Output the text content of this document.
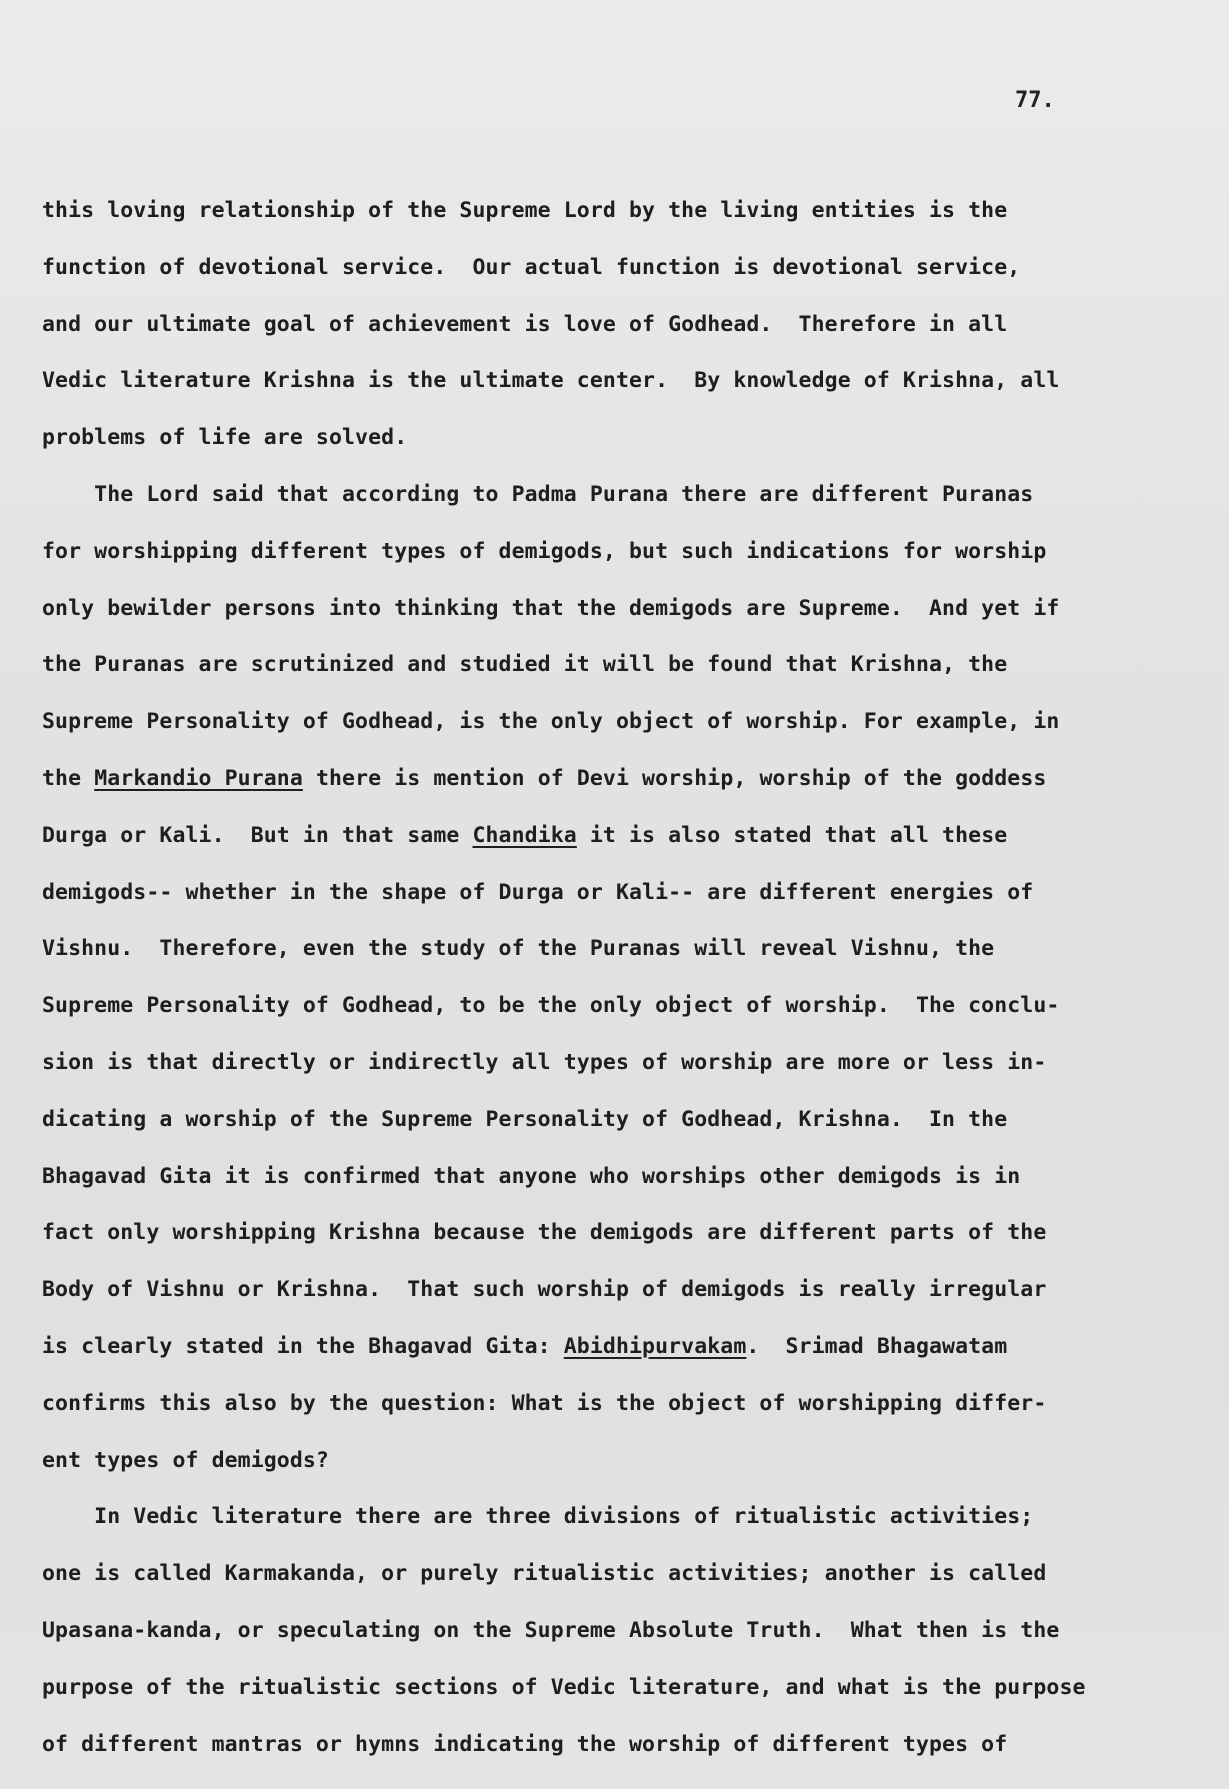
77.
this loving relationship of the Supreme Lord by the living entities is the
function of devotional service.  Our actual function is devotional service,
and our ultimate goal of achievement is love of Godhead.  Therefore in all
Vedic literature Krishna is the ultimate center.  By knowledge of Krishna, all
problems of life are solved.
The Lord said that according to Padma Purana there are different Puranas
for worshipping different types of demigods, but such indications for worship
only bewilder persons into thinking that the demigods are Supreme.  And yet if
the Puranas are scrutinized and studied it will be found that Krishna, the
Supreme Personality of Godhead, is the only object of worship. For example, in
the Markandio Purana there is mention of Devi worship, worship of the goddess
Durga or Kali.  But in that same Chandika it is also stated that all these
demigods-- whether in the shape of Durga or Kali-- are different energies of
Vishnu.  Therefore, even the study of the Puranas will reveal Vishnu, the
Supreme Personality of Godhead, to be the only object of worship.  The conclu-
sion is that directly or indirectly all types of worship are more or less in-
dicating a worship of the Supreme Personality of Godhead, Krishna.  In the
Bhagavad Gita it is confirmed that anyone who worships other demigods is in
fact only worshipping Krishna because the demigods are different parts of the
Body of Vishnu or Krishna.  That such worship of demigods is really irregular
is clearly stated in the Bhagavad Gita: Abidhipurvakam.  Srimad Bhagawatam
confirms this also by the question: What is the object of worshipping differ-
ent types of demigods?
In Vedic literature there are three divisions of ritualistic activities;
one is called Karmakanda, or purely ritualistic activities; another is called
Upasana-kanda, or speculating on the Supreme Absolute Truth.  What then is the
purpose of the ritualistic sections of Vedic literature, and what is the purpose
of different mantras or hymns indicating the worship of different types of
